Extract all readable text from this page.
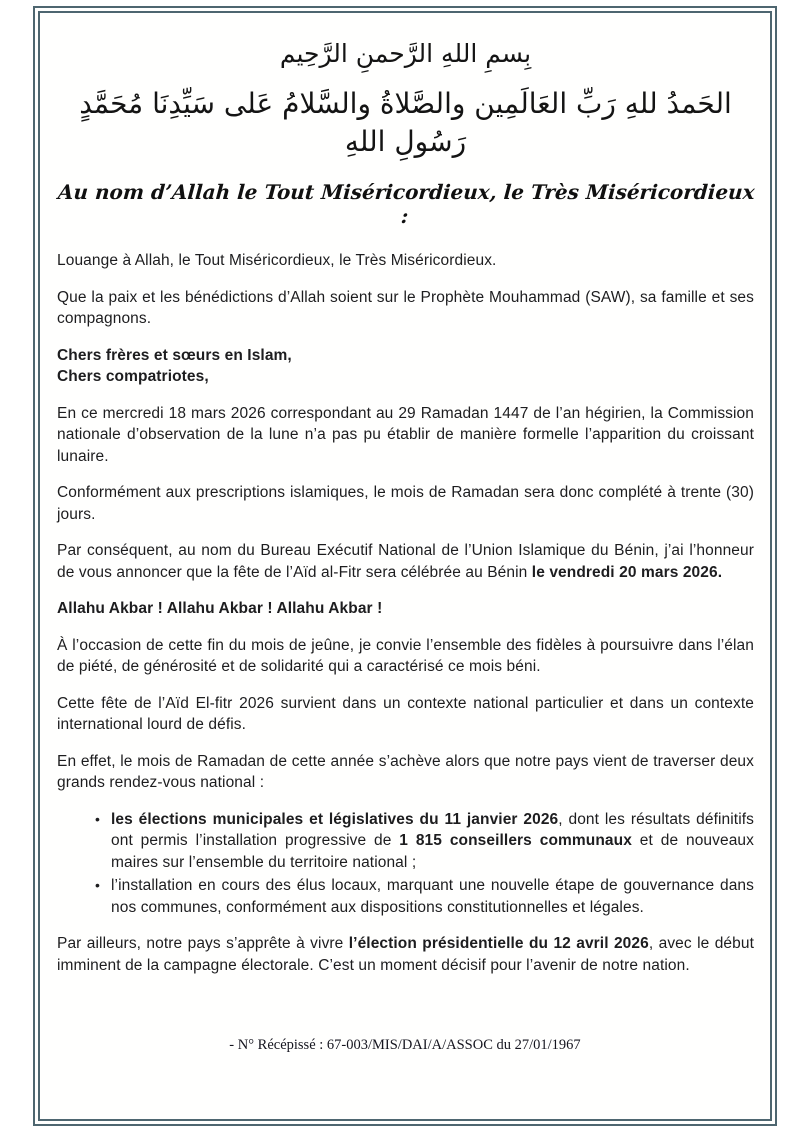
بِسمِ اللهِ الرَّحمنِ الرَّحِيم
الحَمدُ للهِ رَبِّ العَالَمِين والصَّلاةُ والسَّلامُ عَلى سَيِّدِنَا مُحَمَّدٍ رَسُولِ اللهِ
Au nom d’Allah le Tout Miséricordieux, le Très Miséricordieux :

Louange à Allah, le Tout Miséricordieux, le Très Miséricordieux.

Que la paix et les bénédictions d’Allah soient sur le Prophète Mouhammad (SAW), sa famille et ses compagnons.

Chers frères et sœurs en Islam,
Chers compatriotes,

En ce mercredi 18 mars 2026 correspondant au 29 Ramadan 1447 de l’an hégirien, la Commission nationale d’observation de la lune n’a pas pu établir de manière formelle l’apparition du croissant lunaire.

Conformément aux prescriptions islamiques, le mois de Ramadan sera donc complété à trente (30) jours.

Par conséquent, au nom du Bureau Exécutif National de l’Union Islamique du Bénin, j’ai l’honneur de vous annoncer que la fête de l’Aïd al-Fitr sera célébrée au Bénin le vendredi 20 mars 2026.

Allahu Akbar ! Allahu Akbar ! Allahu Akbar !

À l’occasion de cette fin du mois de jeûne, je convie l’ensemble des fidèles à poursuivre dans l’élan de piété, de générosité et de solidarité qui a caractérisé ce mois béni.

Cette fête de l’Aïd El-fitr 2026 survient dans un contexte national particulier et dans un contexte international lourd de défis.

En effet, le mois de Ramadan de cette année s’achève alors que notre pays vient de traverser deux grands rendez-vous national :

• les élections municipales et législatives du 11 janvier 2026, dont les résultats définitifs ont permis l’installation progressive de 1 815 conseillers communaux et de nouveaux maires sur l’ensemble du territoire national ;
• l’installation en cours des élus locaux, marquant une nouvelle étape de gouvernance dans nos communes, conformément aux dispositions constitutionnelles et légales.

Par ailleurs, notre pays s’apprête à vivre l’élection présidentielle du 12 avril 2026, avec le début imminent de la campagne électorale. C’est un moment décisif pour l’avenir de notre nation.

- N° Récépissé : 67-003/MIS/DAI/A/ASSOC du 27/01/1967
